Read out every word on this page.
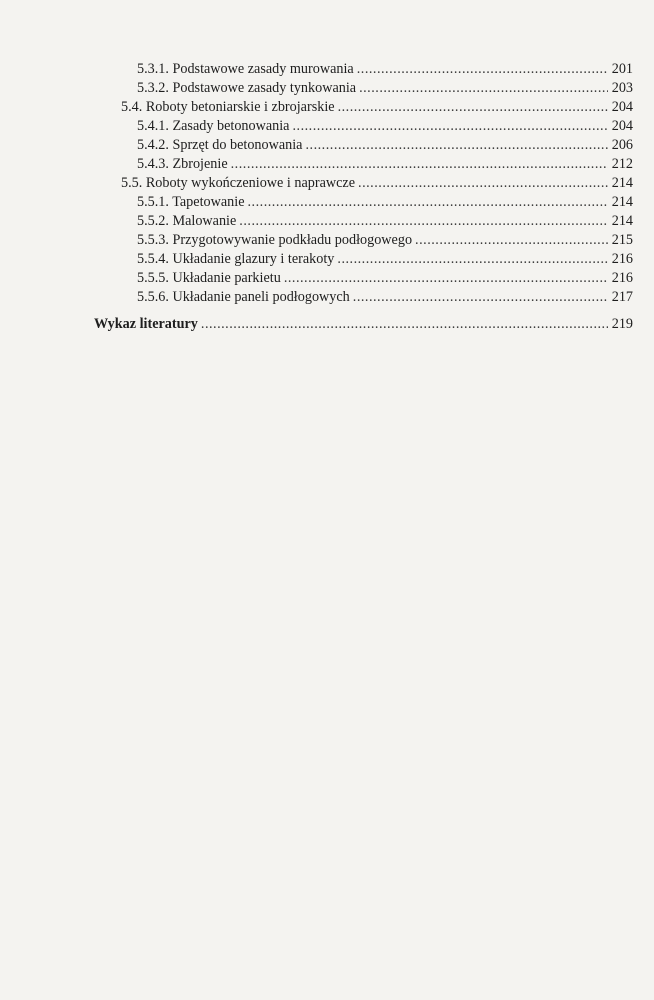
5.3.1. Podstawowe zasady murowania .....	201
5.3.2. Podstawowe zasady tynkowania .....	203
5.4. Roboty betoniarskie i zbrojarskie .....	204
5.4.1. Zasady betonowania .....	204
5.4.2. Sprzęt do betonowania .....	206
5.4.3. Zbrojenie .....	212
5.5. Roboty wykończeniowe i naprawcze .....	214
5.5.1. Tapetowanie .....	214
5.5.2. Malowanie .....	214
5.5.3. Przygotowywanie podkładu podłogowego .....	215
5.5.4. Układanie glazury i terakoty .....	216
5.5.5. Układanie parkietu .....	216
5.5.6. Układanie paneli podłogowych .....	217
Wykaz literatury .....	219
